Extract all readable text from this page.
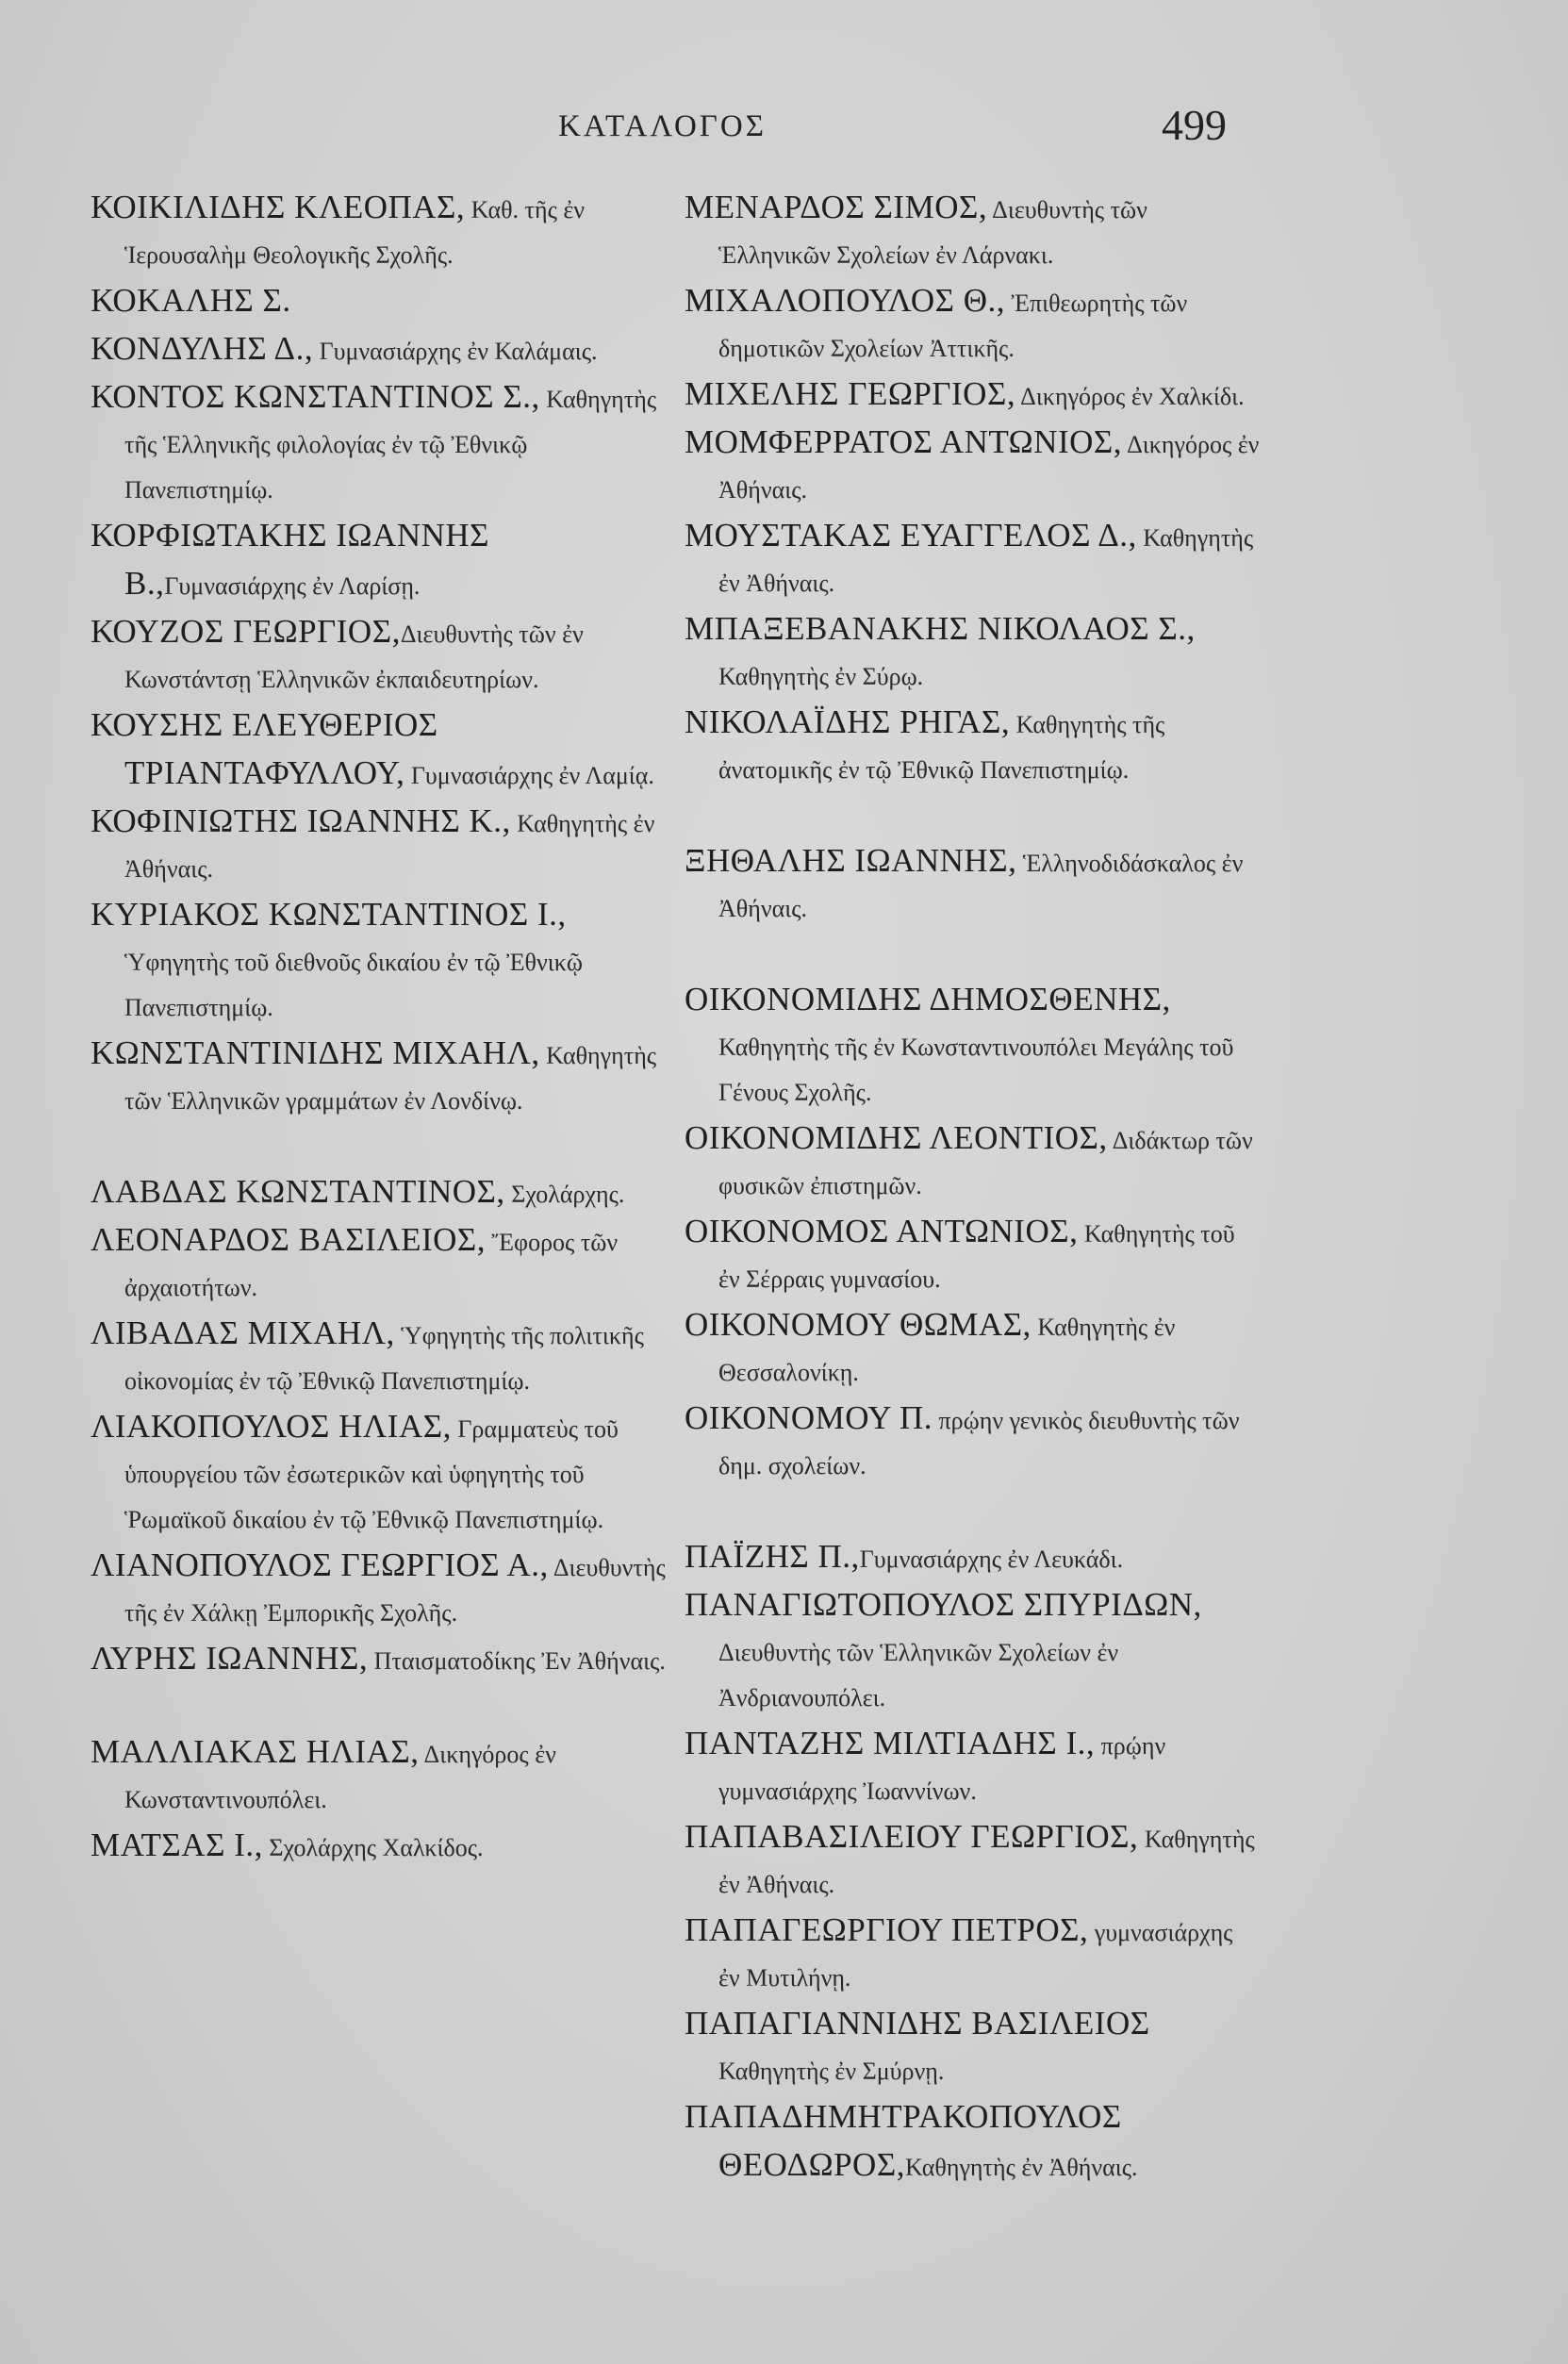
ΚΑΤΑΛΟΓΟΣ	499

ΚΟΙΚΙΛΙΔΗΣ ΚΛΕΟΠΑΣ, Καθ. τῆς ἐν Ἱερουσαλὴμ Θεολογικῆς Σχολῆς.

ΚΟΚΑΛΗΣ Σ.

ΚΟΝΔΥΛΗΣ Δ., Γυμνασιάρχης ἐν Καλάμαις.

ΚΟΝΤΟΣ ΚΩΝΣΤΑΝΤΙΝΟΣ Σ., Καθηγητὴς τῆς Ἑλληνικῆς φιλολογίας ἐν τῷ Ἐθνικῷ Πανεπιστημίῳ.

ΚΟΡΦΙΩΤΑΚΗΣ ΙΩΑΝΝΗΣ Β.,Γυμνασιάρχης ἐν Λαρίσῃ.

ΚΟΥΖΟΣ ΓΕΩΡΓΙΟΣ,Διευθυντὴς τῶν ἐν Κωνστάντσῃ Ἑλληνικῶν ἐκπαιδευτηρίων.

ΚΟΥΣΗΣ ΕΛΕΥΘΕΡΙΟΣ ΤΡΙΑΝΤΑΦΥΛΛΟΥ, Γυμνασιάρχης ἐν Λαμίᾳ.

ΚΟΦΙΝΙΩΤΗΣ ΙΩΑΝΝΗΣ Κ., Καθηγητὴς ἐν Ἀθήναις.

ΚΥΡΙΑΚΟΣ ΚΩΝΣΤΑΝΤΙΝΟΣ Ι., Ὑφηγητὴς τοῦ διεθνοῦς δικαίου ἐν τῷ Ἐθνικῷ Πανεπιστημίῳ.

ΚΩΝΣΤΑΝΤΙΝΙΔΗΣ ΜΙΧΑΗΛ, Καθηγητὴς τῶν Ἑλληνικῶν γραμμάτων ἐν Λονδίνῳ.

ΛΑΒΔΑΣ ΚΩΝΣΤΑΝΤΙΝΟΣ, Σχολάρχης.

ΛΕΟΝΑΡΔΟΣ ΒΑΣΙΛΕΙΟΣ, Ἔφορος τῶν ἀρχαιοτήτων.

ΛΙΒΑΔΑΣ ΜΙΧΑΗΛ, Ὑφηγητὴς τῆς πολιτικῆς οἰκονομίας ἐν τῷ Ἐθνικῷ Πανεπιστημίῳ.

ΛΙΑΚΟΠΟΥΛΟΣ ΗΛΙΑΣ, Γραμματεὺς τοῦ ὑπουργείου τῶν ἐσωτερικῶν καὶ ὑφηγητὴς τοῦ Ῥωμαϊκοῦ δικαίου ἐν τῷ Ἐθνικῷ Πανεπιστημίῳ.

ΛΙΑΝΟΠΟΥΛΟΣ ΓΕΩΡΓΙΟΣ Α., Διευθυντὴς τῆς ἐν Χάλκῃ Ἐμπορικῆς Σχολῆς.

ΛΥΡΗΣ ΙΩΑΝΝΗΣ, Πταισματοδίκης Ἐν Ἀθήναις.

ΜΑΛΛΙΑΚΑΣ ΗΛΙΑΣ, Δικηγόρος ἐν Κωνσταντινουπόλει.

ΜΑΤΣΑΣ Ι., Σχολάρχης Χαλκίδος.

ΜΕΝΑΡΔΟΣ ΣΙΜΟΣ, Διευθυντὴς τῶν Ἑλληνικῶν Σχολείων ἐν Λάρνακι.

ΜΙΧΑΛΟΠΟΥΛΟΣ Θ., Ἐπιθεωρητὴς τῶν δημοτικῶν Σχολείων Ἀττικῆς.

ΜΙΧΕΛΗΣ ΓΕΩΡΓΙΟΣ, Δικηγόρος ἐν Χαλκίδι.

ΜΟΜΦΕΡΡΑΤΟΣ ΑΝΤΩΝΙΟΣ, Δικηγόρος ἐν Ἀθήναις.

ΜΟΥΣΤΑΚΑΣ ΕΥΑΓΓΕΛΟΣ Δ., Καθηγητὴς ἐν Ἀθήναις.

ΜΠΑΞΕΒΑΝΑΚΗΣ ΝΙΚΟΛΑΟΣ Σ., Καθηγητὴς ἐν Σύρῳ.

ΝΙΚΟΛΑΪΔΗΣ ΡΗΓΑΣ, Καθηγητὴς τῆς ἀνατομικῆς ἐν τῷ Ἐθνικῷ Πανεπιστημίῳ.

ΞΗΘΑΛΗΣ ΙΩΑΝΝΗΣ, Ἑλληνοδιδάσκαλος ἐν Ἀθήναις.

ΟΙΚΟΝΟΜΙΔΗΣ ΔΗΜΟΣΘΕΝΗΣ, Καθηγητὴς τῆς ἐν Κωνσταντινουπόλει Μεγάλης τοῦ Γένους Σχολῆς.

ΟΙΚΟΝΟΜΙΔΗΣ ΛΕΟΝΤΙΟΣ, Διδάκτωρ τῶν φυσικῶν ἐπιστημῶν.

ΟΙΚΟΝΟΜΟΣ ΑΝΤΩΝΙΟΣ, Καθηγητὴς τοῦ ἐν Σέρραις γυμνασίου.

ΟΙΚΟΝΟΜΟΥ ΘΩΜΑΣ, Καθηγητὴς ἐν Θεσσαλονίκῃ.

ΟΙΚΟΝΟΜΟΥ Π. πρῴην γενικὸς διευθυντὴς τῶν δημ. σχολείων.

ΠΑΪΖΗΣ Π.,Γυμνασιάρχης ἐν Λευκάδι.

ΠΑΝΑΓΙΩΤΟΠΟΥΛΟΣ ΣΠΥΡΙΔΩΝ, Διευθυντὴς τῶν Ἑλληνικῶν Σχολείων ἐν Ἀνδριανουπόλει.

ΠΑΝΤΑΖΗΣ ΜΙΛΤΙΑΔΗΣ Ι., πρῴην γυμνασιάρχης Ἰωαννίνων.

ΠΑΠΑΒΑΣΙΛΕΙΟΥ ΓΕΩΡΓΙΟΣ, Καθηγητὴς ἐν Ἀθήναις.

ΠΑΠΑΓΕΩΡΓΙΟΥ ΠΕΤΡΟΣ, γυμνασιάρχης ἐν Μυτιλήνῃ.

ΠΑΠΑΓΙΑΝΝΙΔΗΣ ΒΑΣΙΛΕΙΟΣ Καθηγητὴς ἐν Σμύρνῃ.

ΠΑΠΑΔΗΜΗΤΡΑΚΟΠΟΥΛΟΣ ΘΕΟΔΩΡΟΣ,Καθηγητὴς ἐν Ἀθήναις.
